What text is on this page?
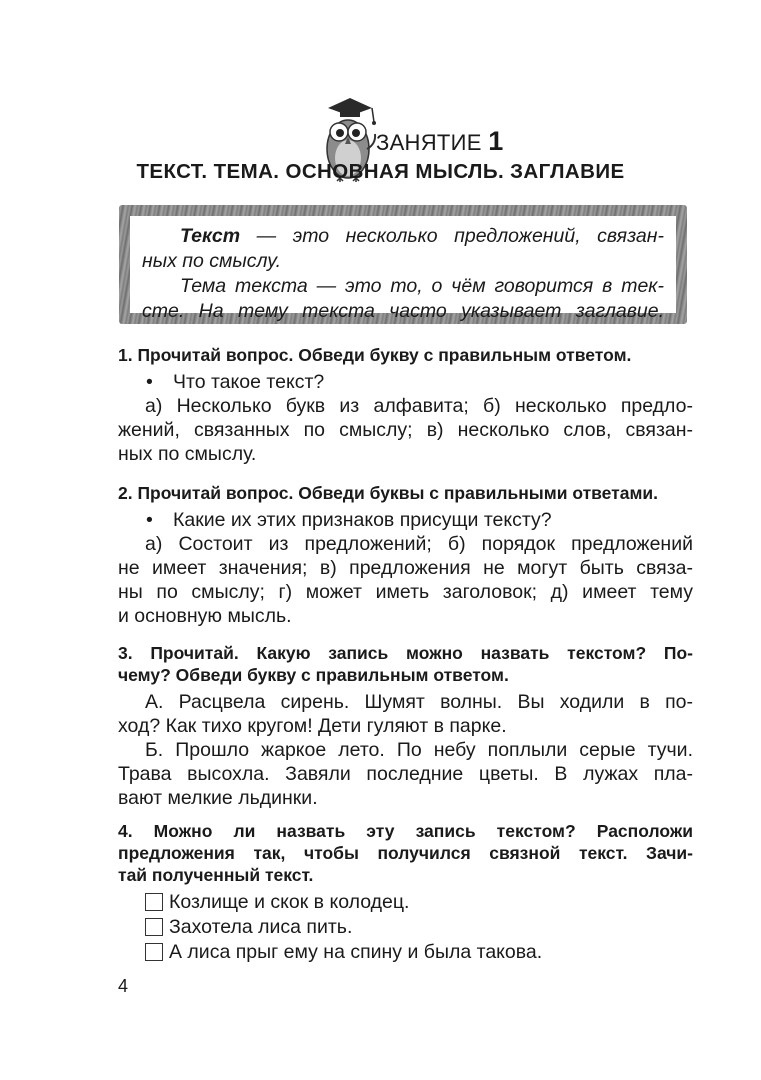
ЗАНЯТИЕ 1
ТЕКСТ. ТЕМА. ОСНОВНАЯ МЫСЛЬ. ЗАГЛАВИЕ

Текст — это несколько предложений, связан-

ных по смыслу.

Тема текста — это то, о чём говорится в тек-

сте. На тему текста часто указывает заглавие.

1. Прочитай вопрос. Обведи букву с правильным ответом.

• Что такое текст?

а) Несколько букв из алфавита; б) несколько предло-

жений, связанных по смыслу; в) несколько слов, связан-

ных по смыслу.

2. Прочитай вопрос. Обведи буквы с правильными ответами.

• Какие их этих признаков присущи тексту?

а) Состоит из предложений; б) порядок предложений

не имеет значения; в) предложения не могут быть связа-

ны по смыслу; г) может иметь заголовок; д) имеет тему

и основную мысль.

3. Прочитай. Какую запись можно назвать текстом? По-

чему? Обведи букву с правильным ответом.

А. Расцвела сирень. Шумят волны. Вы ходили в по-

ход? Как тихо кругом! Дети гуляют в парке.

Б. Прошло жаркое лето. По небу поплыли серые тучи.

Трава высохла. Завяли последние цветы. В лужах пла-

вают мелкие льдинки.

4. Можно ли назвать эту запись текстом? Расположи

предложения так, чтобы получился связной текст. Зачи-

тай полученный текст.

Козлище и скок в колодец.
Захотела лиса пить.
А лиса прыг ему на спину и была такова.
4
